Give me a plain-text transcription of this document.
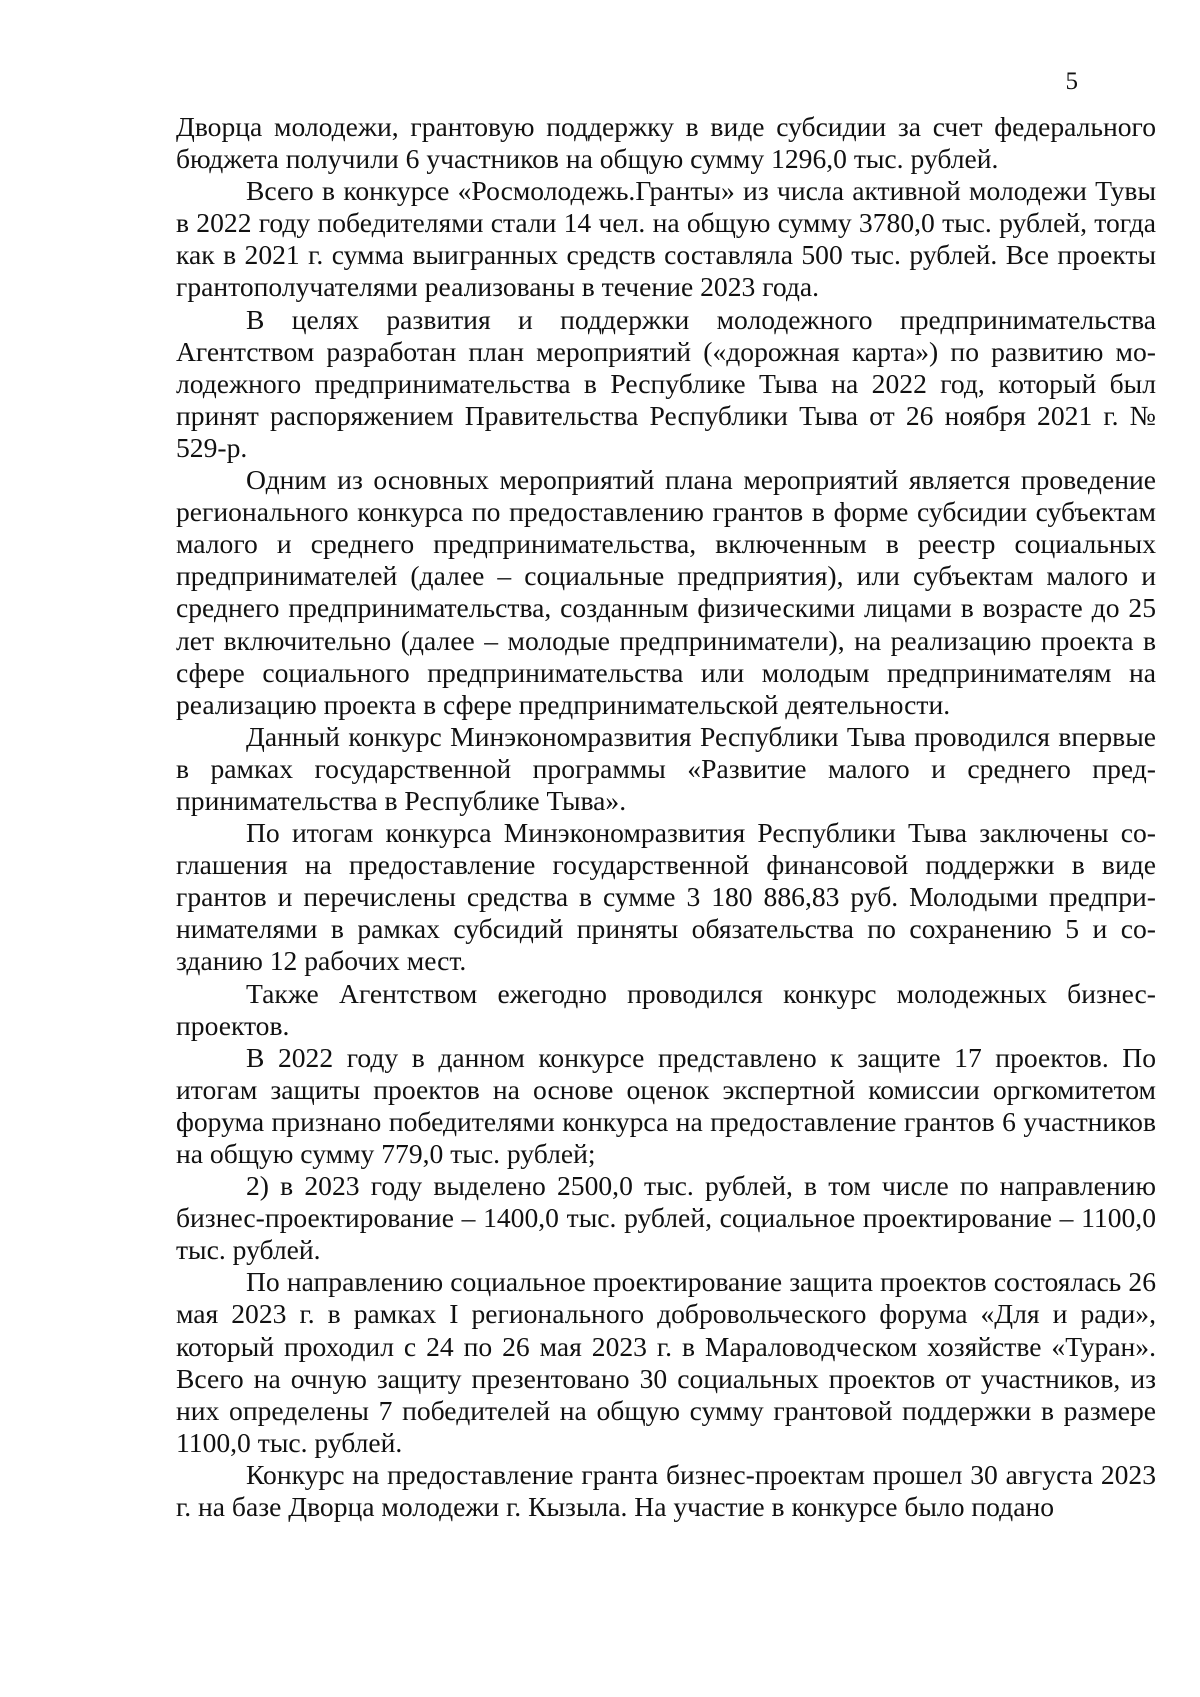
5

Дворца молодежи, грантовую поддержку в виде субсидии за счет федерального бюджета получили 6 участников на общую сумму 1296,0 тыс. рублей.

Всего в конкурсе «Росмолодежь.Гранты» из числа активной молодежи Тувы в 2022 году победителями стали 14 чел. на общую сумму 3780,0 тыс. рублей, тогда как в 2021 г. сумма выигранных средств составляла 500 тыс. рублей. Все проекты грантополучателями реализованы в течение 2023 года.

В целях развития и поддержки молодежного предпринимательства Агентством разработан план мероприятий («дорожная карта») по развитию молодежного предпринимательства в Республике Тыва на 2022 год, который был принят распоряжением Правительства Республики Тыва от 26 ноября 2021 г. № 529-р.

Одним из основных мероприятий плана мероприятий является проведение регионального конкурса по предоставлению грантов в форме субсидии субъектам малого и среднего предпринимательства, включенным в реестр социальных предпринимателей (далее – социальные предприятия), или субъектам малого и среднего предпринимательства, созданным физическими лицами в возрасте до 25 лет включительно (далее – молодые предприниматели), на реализацию проекта в сфере социального предпринимательства или молодым предпринимателям на реализацию проекта в сфере предпринимательской деятельности.

Данный конкурс Минэкономразвития Республики Тыва проводился впервые в рамках государственной программы «Развитие малого и среднего предпринимательства в Республике Тыва».

По итогам конкурса Минэкономразвития Республики Тыва заключены соглашения на предоставление государственной финансовой поддержки в виде грантов и перечислены средства в сумме 3 180 886,83 руб. Молодыми предпринимателями в рамках субсидий приняты обязательства по сохранению 5 и созданию 12 рабочих мест.

Также Агентством ежегодно проводился конкурс молодежных бизнес-проектов.

В 2022 году в данном конкурсе представлено к защите 17 проектов. По итогам защиты проектов на основе оценок экспертной комиссии оргкомитетом форума признано победителями конкурса на предоставление грантов 6 участников на общую сумму 779,0 тыс. рублей;

2) в 2023 году выделено 2500,0 тыс. рублей, в том числе по направлению бизнес-проектирование – 1400,0 тыс. рублей, социальное проектирование – 1100,0 тыс. рублей.

По направлению социальное проектирование защита проектов состоялась 26 мая 2023 г. в рамках I регионального добровольческого форума «Для и ради», который проходил с 24 по 26 мая 2023 г. в Мараловодческом хозяйстве «Туран». Всего на очную защиту презентовано 30 социальных проектов от участников, из них определены 7 победителей на общую сумму грантовой поддержки в размере 1100,0 тыс. рублей.

Конкурс на предоставление гранта бизнес-проектам прошел 30 августа 2023 г. на базе Дворца молодежи г. Кызыла. На участие в конкурсе было подано
